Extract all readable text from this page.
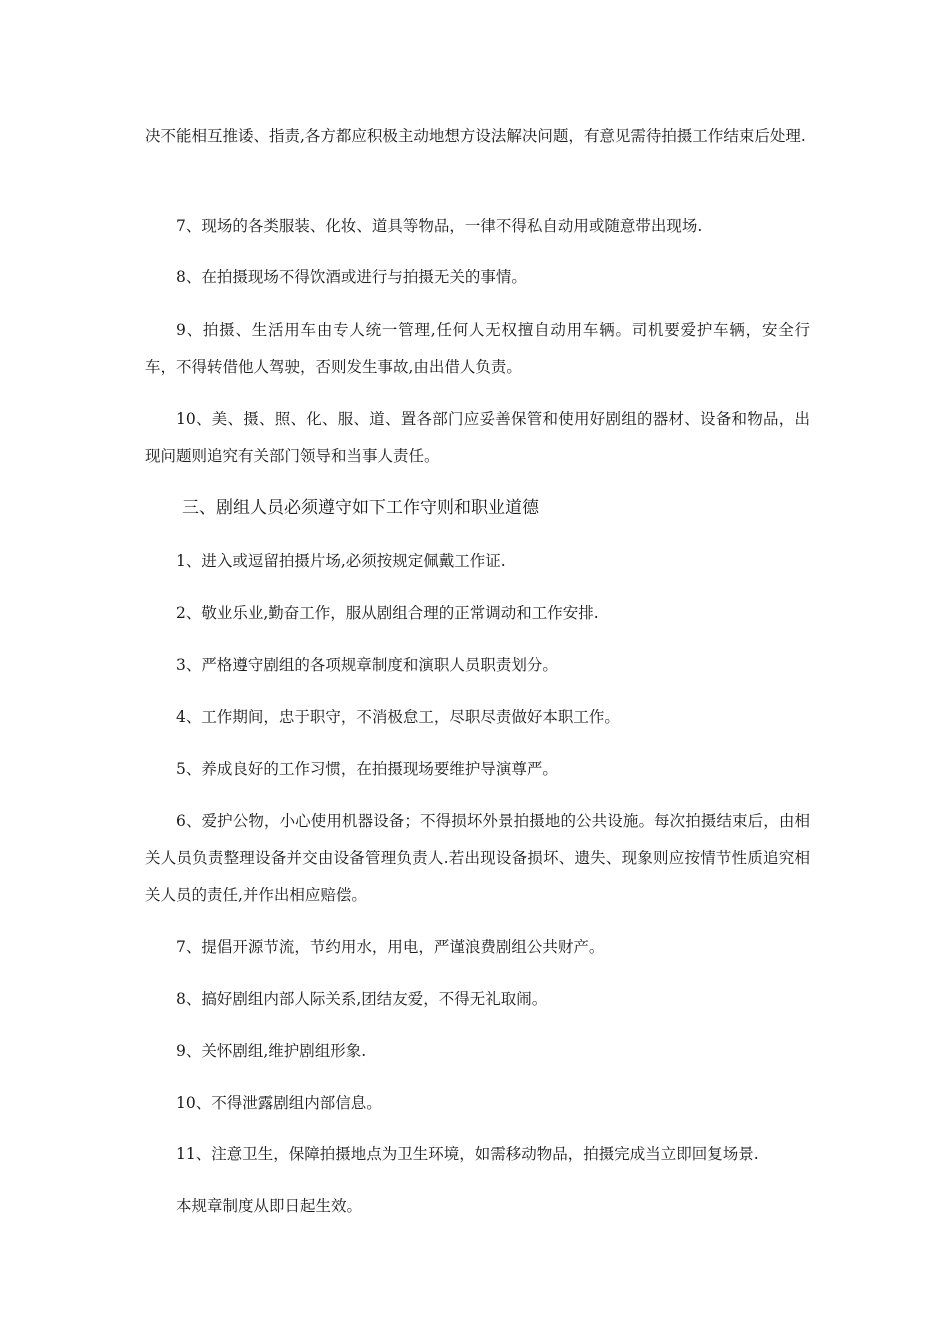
决不能相互推诿、指责,各方都应积极主动地想方设法解决问题，有意见需待拍摄工作结束后处理.

7、现场的各类服装、化妆、道具等物品，一律不得私自动用或随意带出现场.

8、在拍摄现场不得饮酒或进行与拍摄无关的事情。

9、拍摄、生活用车由专人统一管理,任何人无权擅自动用车辆。司机要爱护车辆，安全行车，不得转借他人驾驶，否则发生事故,由出借人负责。

10、美、摄、照、化、服、道、置各部门应妥善保管和使用好剧组的器材、设备和物品，出现问题则追究有关部门领导和当事人责任。

三、剧组人员必须遵守如下工作守则和职业道德

1、进入或逗留拍摄片场,必须按规定佩戴工作证.

2、敬业乐业,勤奋工作，服从剧组合理的正常调动和工作安排.

3、严格遵守剧组的各项规章制度和演职人员职责划分。

4、工作期间，忠于职守，不消极怠工，尽职尽责做好本职工作。

5、养成良好的工作习惯，在拍摄现场要维护导演尊严。

6、爱护公物，小心使用机器设备；不得损坏外景拍摄地的公共设施。每次拍摄结束后，由相关人员负责整理设备并交由设备管理负责人.若出现设备损坏、遗失、现象则应按情节性质追究相关人员的责任,并作出相应赔偿。

7、提倡开源节流，节约用水，用电，严谨浪费剧组公共财产。

8、搞好剧组内部人际关系,团结友爱，不得无礼取闹。

9、关怀剧组,维护剧组形象.

10、不得泄露剧组内部信息。

11、注意卫生，保障拍摄地点为卫生环境，如需移动物品，拍摄完成当立即回复场景.

本规章制度从即日起生效。
